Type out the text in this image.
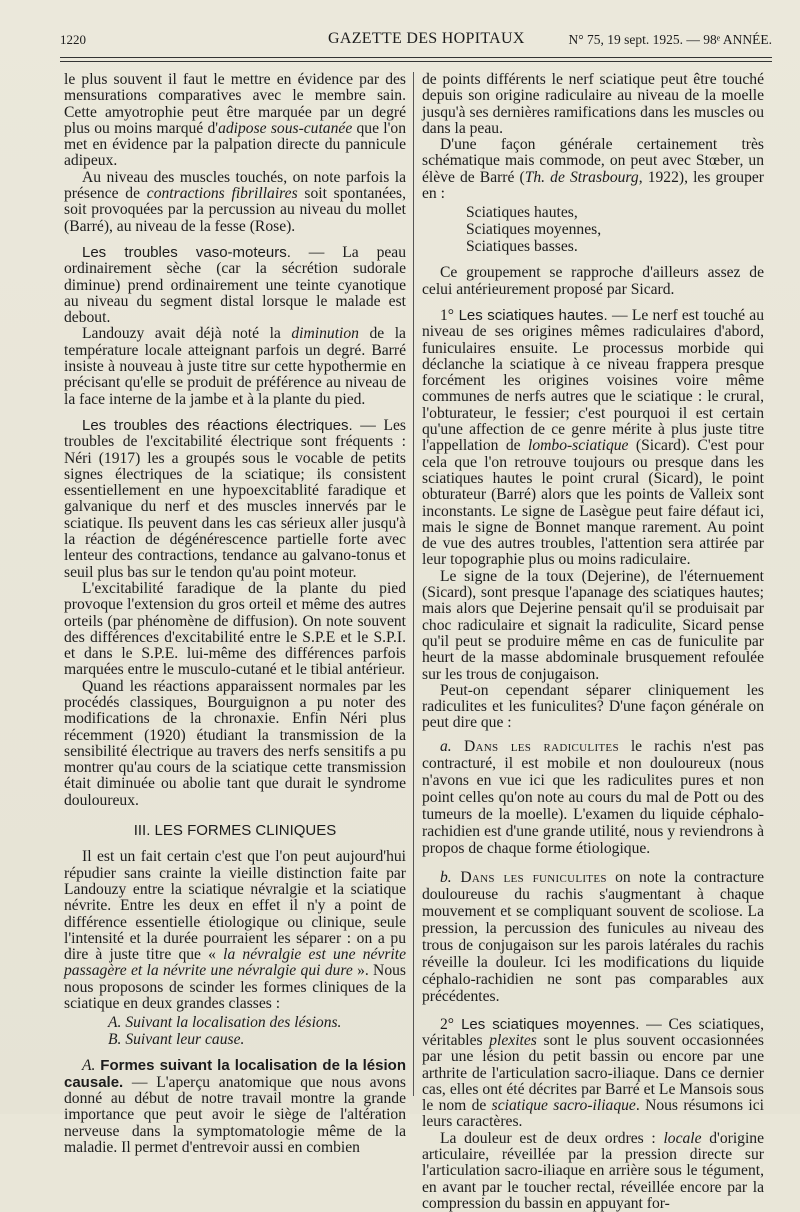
1220	GAZETTE DES HOPITAUX	N° 75, 19 sept. 1925. — 98ᵉ ANNÉE.

le plus souvent il faut le mettre en évidence par des mensurations comparatives avec le membre sain. Cette amyotrophie peut être marquée par un degré plus ou moins marqué d'adipose sous-cutanée que l'on met en évidence par la palpation directe du pannicule adipeux.

Au niveau des muscles touchés, on note parfois la présence de contractions fibrillaires soit spontanées, soit provoquées par la percussion au niveau du mollet (Barré), au niveau de la fesse (Rose).

Les troubles vaso-moteurs. — La peau ordinairement sèche (car la sécrétion sudorale diminue) prend ordinairement une teinte cyanotique au niveau du segment distal lorsque le malade est debout.

Landouzy avait déjà noté la diminution de la température locale atteignant parfois un degré. Barré insiste à nouveau à juste titre sur cette hypothermie en précisant qu'elle se produit de préférence au niveau de la face interne de la jambe et à la plante du pied.

Les troubles des réactions électriques. — Les troubles de l'excitabilité électrique sont fréquents : Néri (1917) les a groupés sous le vocable de petits signes électriques de la sciatique; ils consistent essentiellement en une hypoexcitablité faradique et galvanique du nerf et des muscles innervés par le sciatique. Ils peuvent dans les cas sérieux aller jusqu'à la réaction de dégénérescence partielle forte avec lenteur des contractions, tendance au galvano-tonus et seuil plus bas sur le tendon qu'au point moteur.

L'excitabilité faradique de la plante du pied provoque l'extension du gros orteil et même des autres orteils (par phénomène de diffusion). On note souvent des différences d'excitabilité entre le S.P.E et le S.P.I. et dans le S.P.E. lui-même des différences parfois marquées entre le musculo-cutané et le tibial antérieur.

Quand les réactions apparaissent normales par les procédés classiques, Bourguignon a pu noter des modifications de la chronaxie. Enfin Néri plus récemment (1920) étudiant la transmission de la sensibilité électrique au travers des nerfs sensitifs a pu montrer qu'au cours de la sciatique cette transmission était diminuée ou abolie tant que durait le syndrome douloureux.

III. LES FORMES CLINIQUES

Il est un fait certain c'est que l'on peut aujourd'hui répudier sans crainte la vieille distinction faite par Landouzy entre la sciatique névralgie et la sciatique névrite. Entre les deux en effet il n'y a point de différence essentielle étiologique ou clinique, seule l'intensité et la durée pourraient les séparer : on a pu dire à juste titre que « la névralgie est une névrite passagère et la névrite une névralgie qui dure ». Nous nous proposons de scinder les formes cliniques de la sciatique en deux grandes classes :

A. Suivant la localisation des lésions.
B. Suivant leur cause.

A. Formes suivant la localisation de la lésion causale. — L'aperçu anatomique que nous avons donné au début de notre travail montre la grande importance que peut avoir le siège de l'altération nerveuse dans la symptomatologie même de la maladie. Il permet d'entrevoir aussi en combien

de points différents le nerf sciatique peut être touché depuis son origine radiculaire au niveau de la moelle jusqu'à ses dernières ramifications dans les muscles ou dans la peau.

D'une façon générale certainement très schématique mais commode, on peut avec Stœber, un élève de Barré (Th. de Strasbourg, 1922), les grouper en :

Sciatiques hautes,
Sciatiques moyennes,
Sciatiques basses.

Ce groupement se rapproche d'ailleurs assez de celui antérieurement proposé par Sicard.

1° Les sciatiques hautes. — Le nerf est touché au niveau de ses origines mêmes radiculaires d'abord, funiculaires ensuite. Le processus morbide qui déclanche la sciatique à ce niveau frappera presque forcément les origines voisines voire même communes de nerfs autres que le sciatique : le crural, l'obturateur, le fessier; c'est pourquoi il est certain qu'une affection de ce genre mérite à plus juste titre l'appellation de lombo-sciatique (Sicard). C'est pour cela que l'on retrouve toujours ou presque dans les sciatiques hautes le point crural (Sicard), le point obturateur (Barré) alors que les points de Valleix sont inconstants. Le signe de Lasègue peut faire défaut ici, mais le signe de Bonnet manque rarement. Au point de vue des autres troubles, l'attention sera attirée par leur topographie plus ou moins radiculaire.

Le signe de la toux (Dejerine), de l'éternuement (Sicard), sont presque l'apanage des sciatiques hautes; mais alors que Dejerine pensait qu'il se produisait par choc radiculaire et signait la radiculite, Sicard pense qu'il peut se produire même en cas de funiculite par heurt de la masse abdominale brusquement refoulée sur les trous de conjugaison.

Peut-on cependant séparer cliniquement les radiculites et les funiculites? D'une façon générale on peut dire que :

a. Dans les radiculites le rachis n'est pas contracturé, il est mobile et non douloureux (nous n'avons en vue ici que les radiculites pures et non point celles qu'on note au cours du mal de Pott ou des tumeurs de la moelle). L'examen du liquide céphalo-rachidien est d'une grande utilité, nous y reviendrons à propos de chaque forme étiologique.
b. Dans les funiculites on note la contracture douloureuse du rachis s'augmentant à chaque mouvement et se compliquant souvent de scoliose. La pression, la percussion des funicules au niveau des trous de conjugaison sur les parois latérales du rachis réveille la douleur. Ici les modifications du liquide céphalo-rachidien ne sont pas comparables aux précédentes.

2° Les sciatiques moyennes. — Ces sciatiques, véritables plexites sont le plus souvent occasionnées par une lésion du petit bassin ou encore par une arthrite de l'articulation sacro-iliaque. Dans ce dernier cas, elles ont été décrites par Barré et Le Mansois sous le nom de sciatique sacro-iliaque. Nous résumons ici leurs caractères.

La douleur est de deux ordres : locale d'origine articulaire, réveillée par la pression directe sur l'articulation sacro-iliaque en arrière sous le tégument, en avant par le toucher rectal, réveillée encore par la compression du bassin en appuyant for-
